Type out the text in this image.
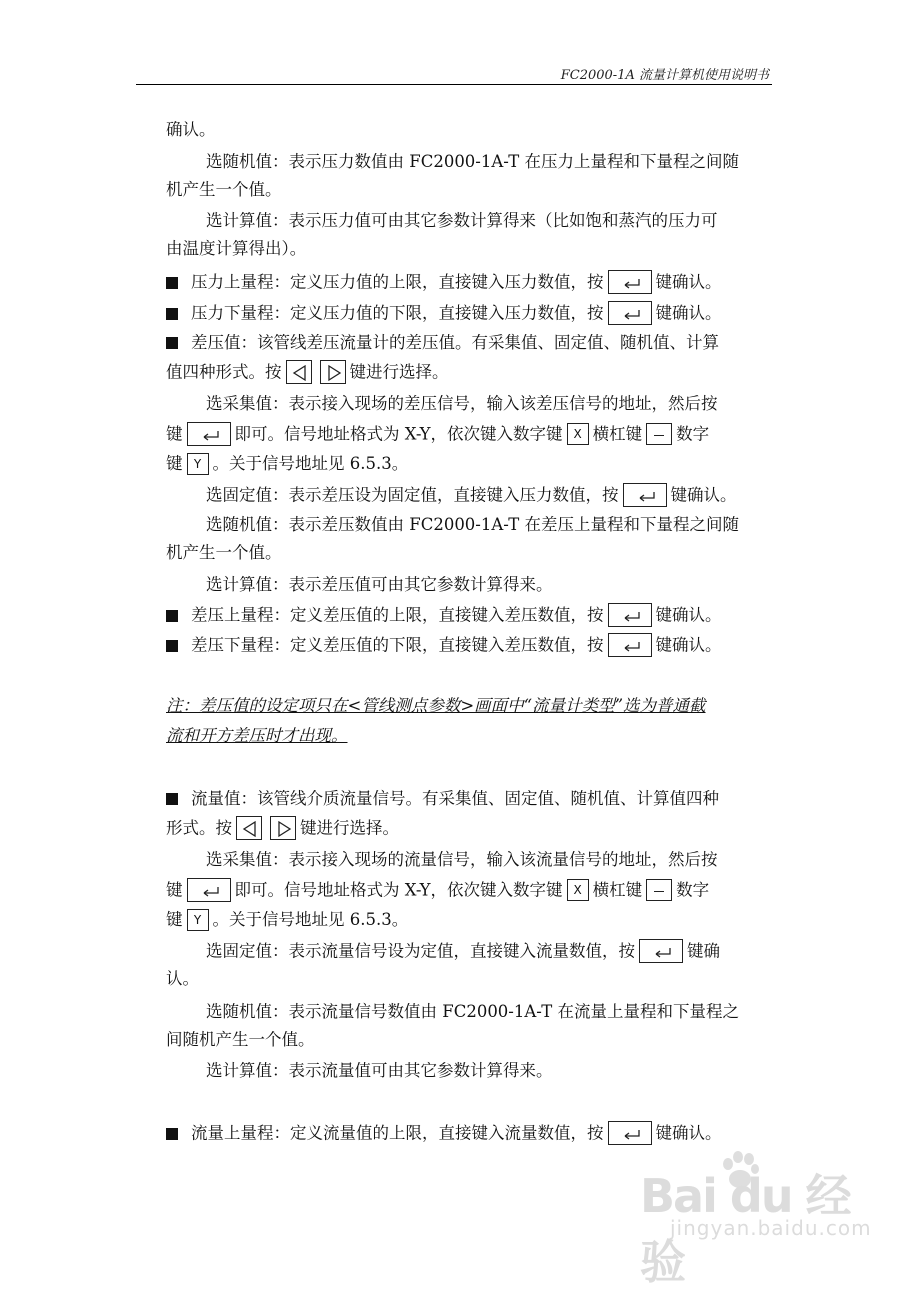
FC2000-1A 流量计算机使用说明书
确认。
选随机值：表示压力数值由 FC2000-1A-T 在压力上量程和下量程之间随
机产生一个值。
选计算值：表示压力值可由其它参数计算得来（比如饱和蒸汽的压力可
由温度计算得出）。
压力上量程：定义压力值的上限，直接键入压力数值，按	键确认。
压力下量程：定义压力值的下限，直接键入压力数值，按	键确认。
差压值：该管线差压流量计的差压值。有采集值、固定值、随机值、计算
值四种形式。按	键进行选择。
选采集值：表示接入现场的差压信号，输入该差压信号的地址，然后按
键	即可。信号地址格式为 X-Y，依次键入数字键 X 横杠键 数字
键 Y 。关于信号地址见 6.5.3。
选固定值：表示差压设为固定值，直接键入压力数值，按	键确认。
选随机值：表示差压数值由 FC2000-1A-T 在差压上量程和下量程之间随
机产生一个值。
选计算值：表示差压值可由其它参数计算得来。
差压上量程：定义差压值的上限，直接键入差压数值，按	键确认。
差压下量程：定义差压值的下限，直接键入差压数值，按	键确认。
注：差压值的设定项只在<管线测点参数>画面中“流量计类型”选为普通截
流和开方差压时才出现。
流量值：该管线介质流量信号。有采集值、固定值、随机值、计算值四种
形式。按	键进行选择。
选采集值：表示接入现场的流量信号，输入该流量信号的地址，然后按
键	即可。信号地址格式为 X-Y，依次键入数字键 X 横杠键 数字
键 Y 。关于信号地址见 6.5.3。
选固定值：表示流量信号设为定值，直接键入流量数值，按	键确
认。
选随机值：表示流量信号数值由 FC2000-1A-T 在流量上量程和下量程之
间随机产生一个值。
选计算值：表示流量值可由其它参数计算得来。
流量上量程：定义流量值的上限，直接键入流量数值，按	键确认。
Bai du 经验
jingyan.baidu.com
